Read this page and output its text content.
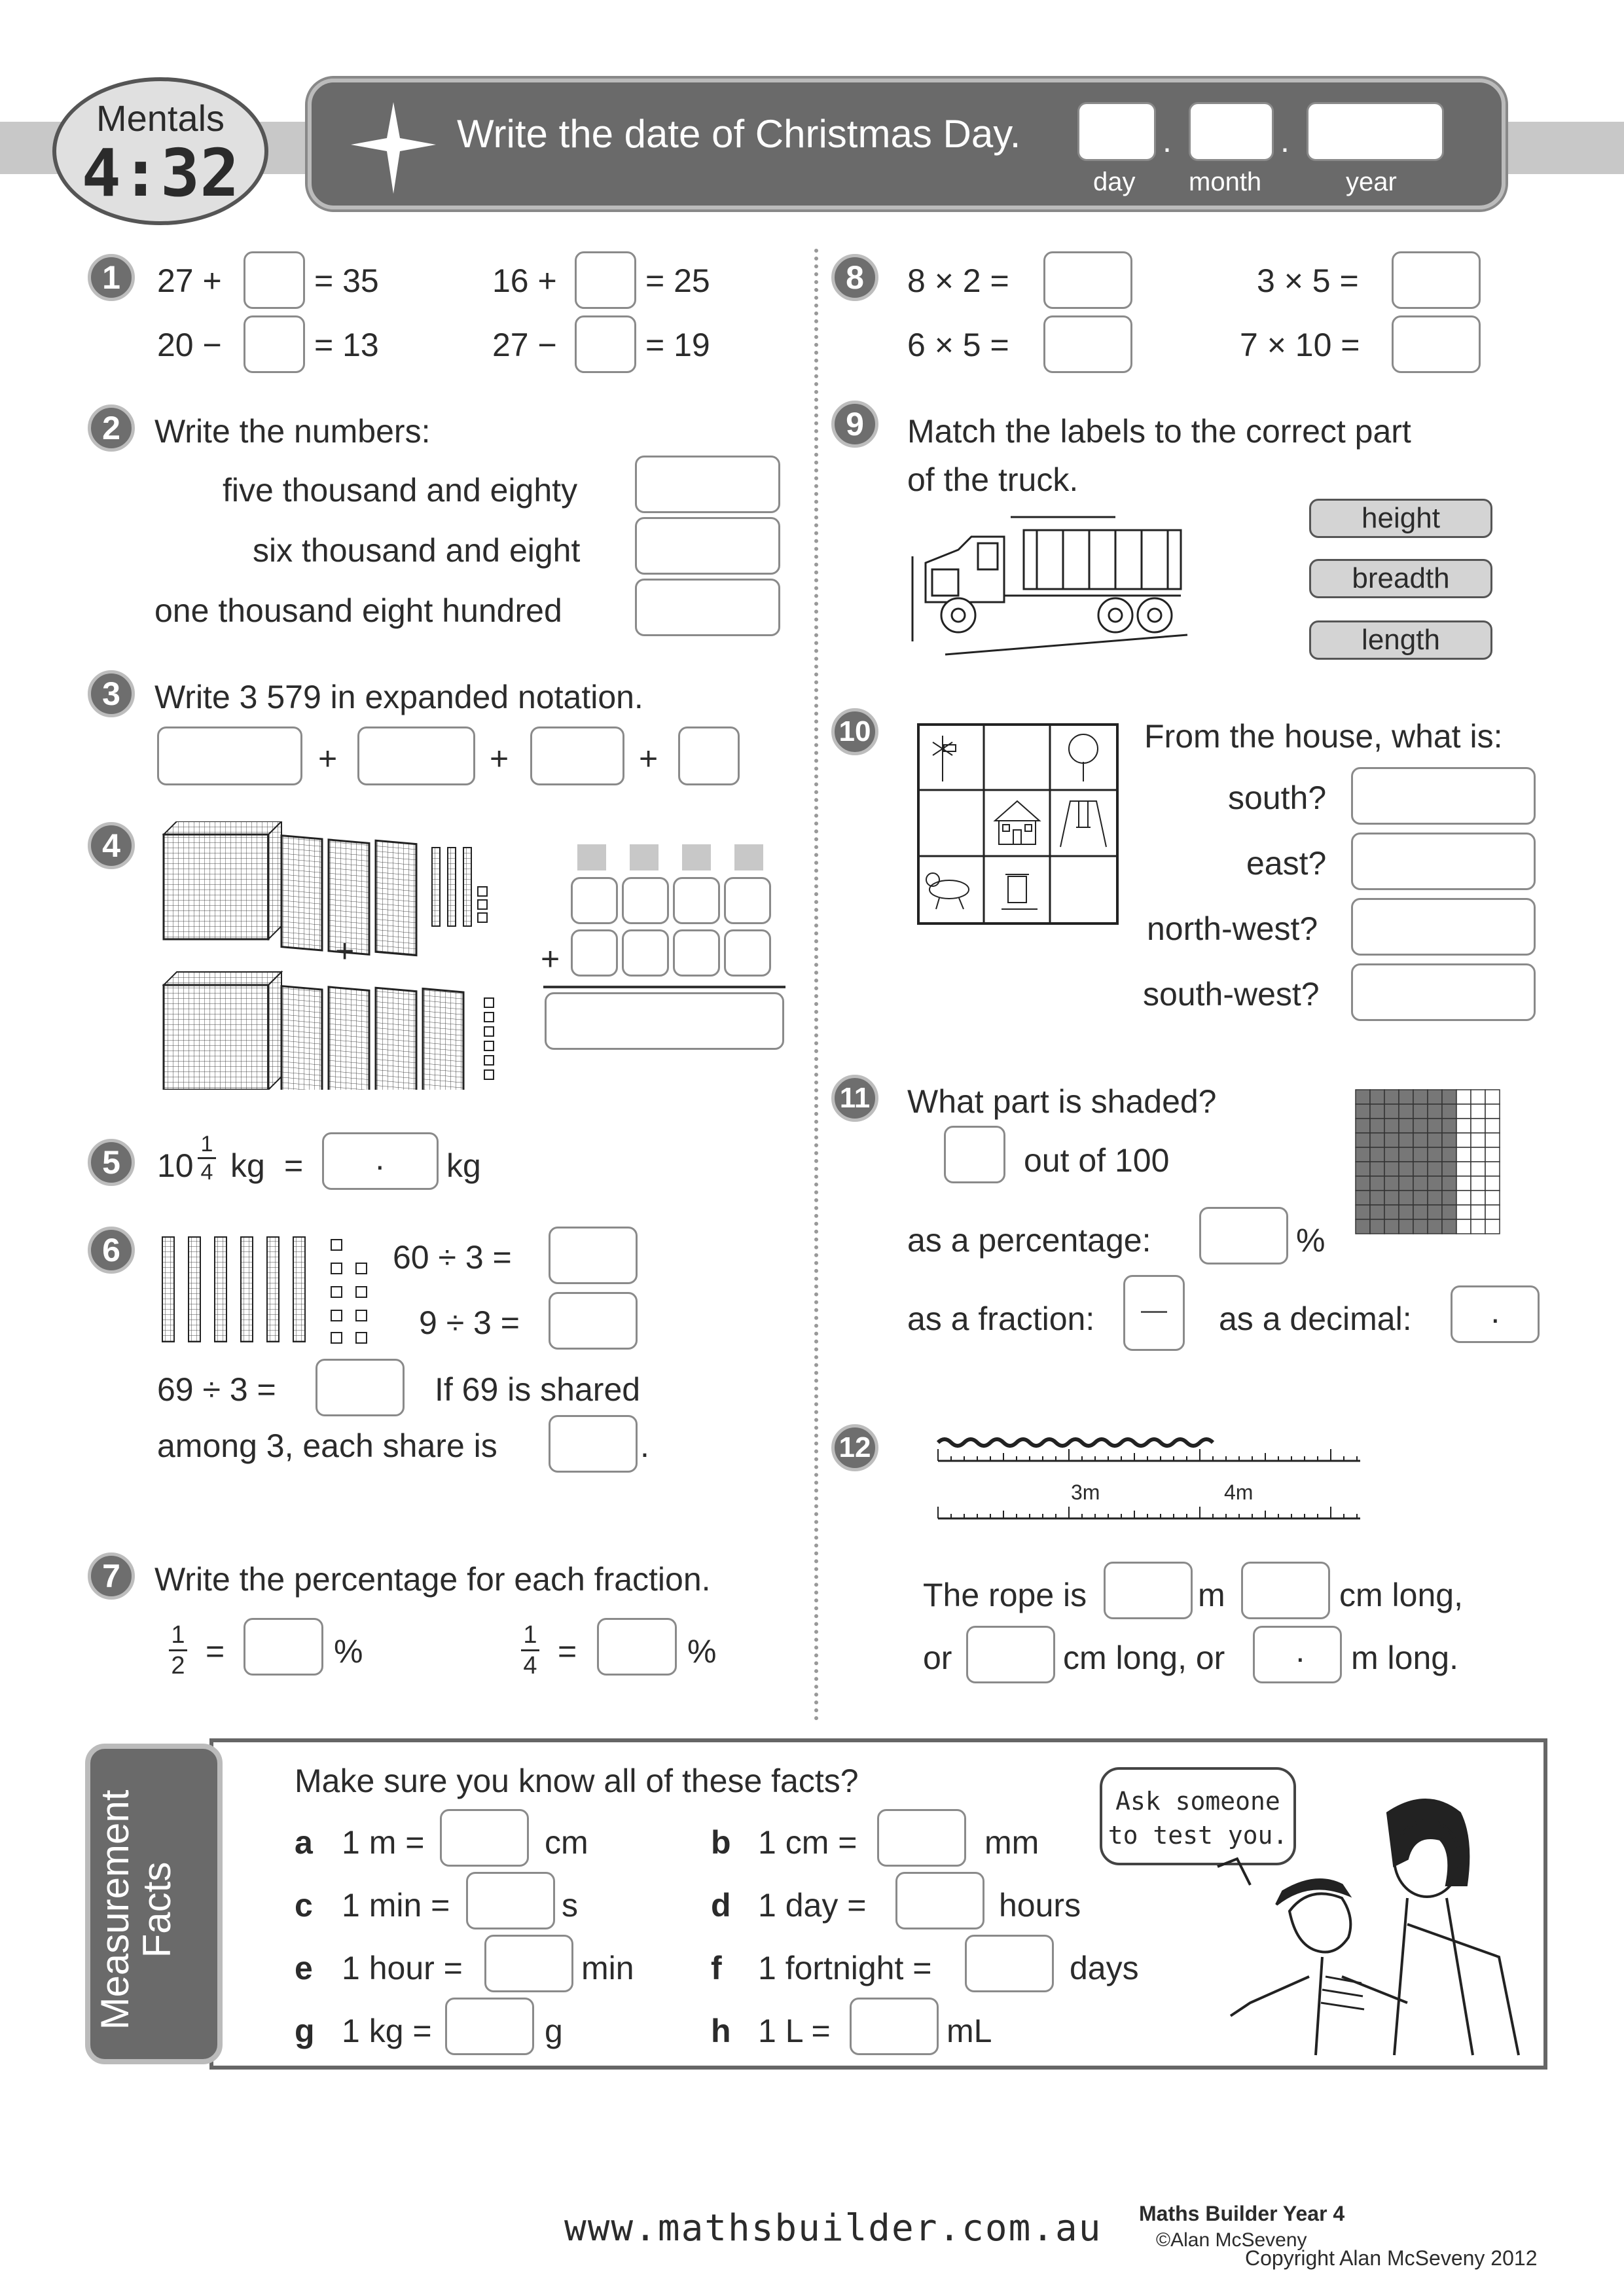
Mentals
4:32
Write the date of Christmas Day.	.	.
day month	year
1	27 +	= 35	16 +	= 25
20 −	= 13	27 −	= 19
2	Write the numbers:
five thousand and eighty
six thousand and eight
one thousand eight hundred
3	Write 3 579 in expanded notation.
+	+	+
4
+	+
5	10
1
4 kg = · kg
6	60 ÷ 3 =
9 ÷ 3 =
69 ÷ 3 =	If 69 is shared
among 3, each share is	.
7	Write the percentage for each fraction.
1
2 =	%	1
4 =	%
8	8 × 2 =	3 × 5 =
6 × 5 =	7 × 10 =
9	Match the labels to the correct part
of the truck.
height
breadth
length
10	From the house, what is:
south?
east?
north-west?
south-west?
11 What part is shaded?
out of 100
as a percentage:	%
as a fraction:	as a decimal: ·
12
3m	4m
The rope is	m	cm long,
or	cm long, or · m long.
Measurement
Facts
Make sure you know all of these facts?
a 1 m =	cm	b 1 cm =	mm
c 1 min =	s	d 1 day =	hours
e 1 hour =	min f 1 fortnight =	days
g 1 kg =	g	h 1 L =	mL
Ask someone
to test you.
www.mathsbuilder.com.au Maths Builder Year 4
©Alan McSeveny
Copyright Alan McSeveny 2012
